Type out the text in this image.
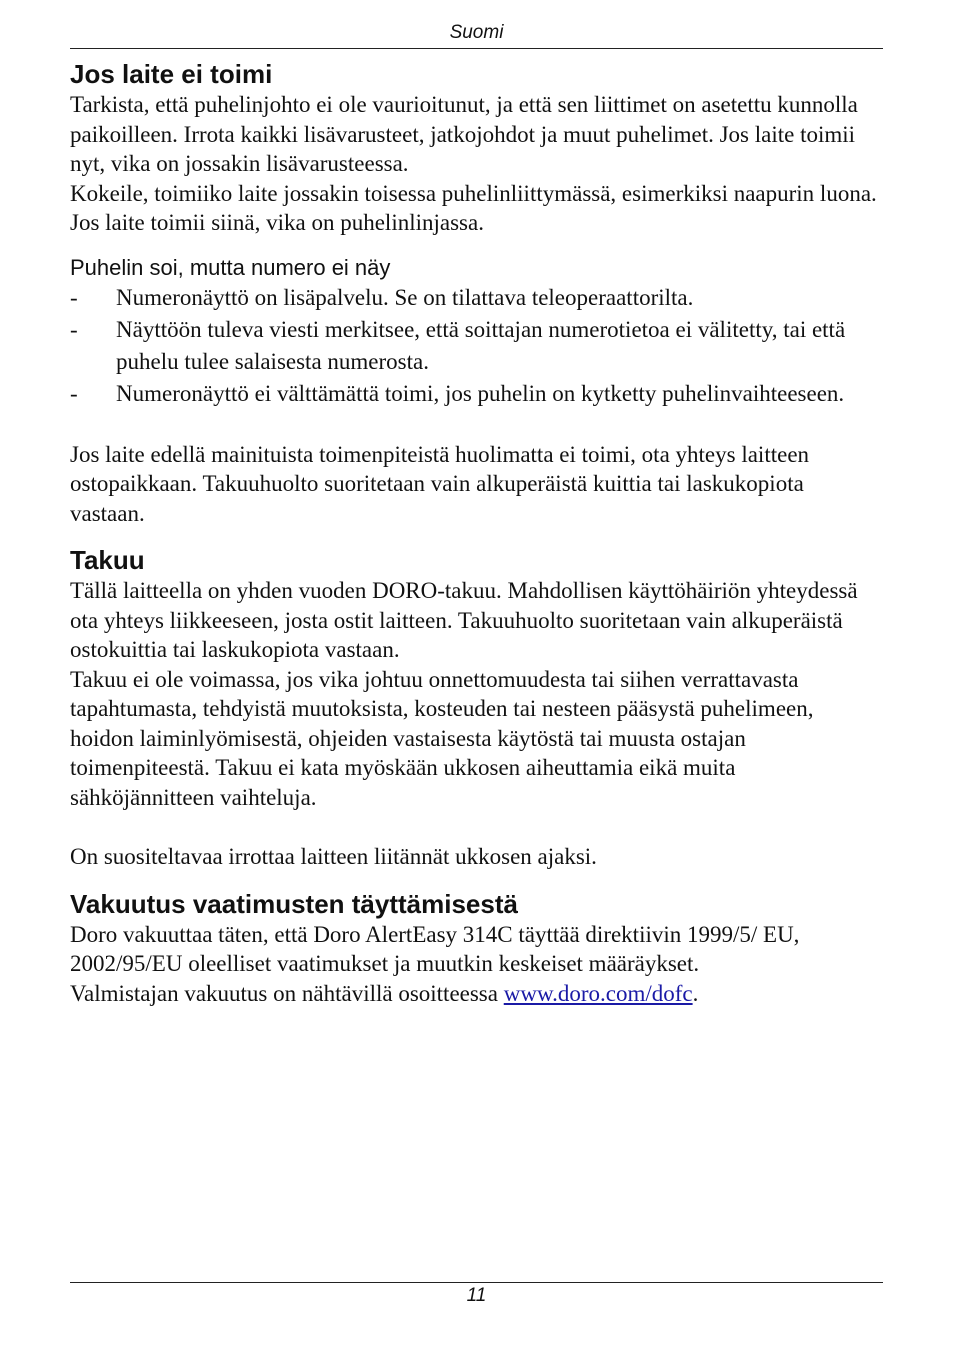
Suomi
Jos laite ei toimi

Tarkista, että puhelinjohto ei ole vaurioitunut, ja että sen liittimet on asetettu kunnolla paikoilleen. Irrota kaikki lisävarusteet, jatkojohdot ja muut puhelimet. Jos laite toimii nyt, vika on jossakin lisävarusteessa.

Kokeile, toimiiko laite jossakin toisessa puhelinliittymässä, esimerkiksi naapurin luona. Jos laite toimii siinä, vika on puhelinlinjassa.

Puhelin soi, mutta numero ei näy
- Numeronäyttö on lisäpalvelu. Se on tilattava teleoperaattorilta.
- Näyttöön tuleva viesti merkitsee, että soittajan numerotietoa ei välitetty, tai että puhelu tulee salaisesta numerosta.
- Numeronäyttö ei välttämättä toimi, jos puhelin on kytketty puhelinvaihteeseen.

Jos laite edellä mainituista toimenpiteistä huolimatta ei toimi, ota yhteys laitteen ostopaikkaan. Takuuhuolto suoritetaan vain alkuperäistä kuittia tai laskukopiota vastaan.

Takuu

Tällä laitteella on yhden vuoden DORO-takuu. Mahdollisen käyttöhäiriön yhteydessä ota yhteys liikkeeseen, josta ostit laitteen. Takuuhuolto suoritetaan vain alkuperäistä ostokuittia tai laskukopiota vastaan.

Takuu ei ole voimassa, jos vika johtuu onnettomuudesta tai siihen verrattavasta tapahtumasta, tehdyistä muutoksista, kosteuden tai nesteen pääsystä puhelimeen, hoidon laiminlyömisestä, ohjeiden vastaisesta käytöstä tai muusta ostajan toimenpiteestä. Takuu ei kata myöskään ukkosen aiheuttamia eikä muita sähköjännitteen vaihteluja.

On suositeltavaa irrottaa laitteen liitännät ukkosen ajaksi.

Vakuutus vaatimusten täyttämisestä

Doro vakuuttaa täten, että Doro AlertEasy 314C täyttää direktiivin 1999/5/ EU, 2002/95/EU oleelliset vaatimukset ja muutkin keskeiset määräykset.

Valmistajan vakuutus on nähtävillä osoitteessa www.doro.com/dofc.

11
